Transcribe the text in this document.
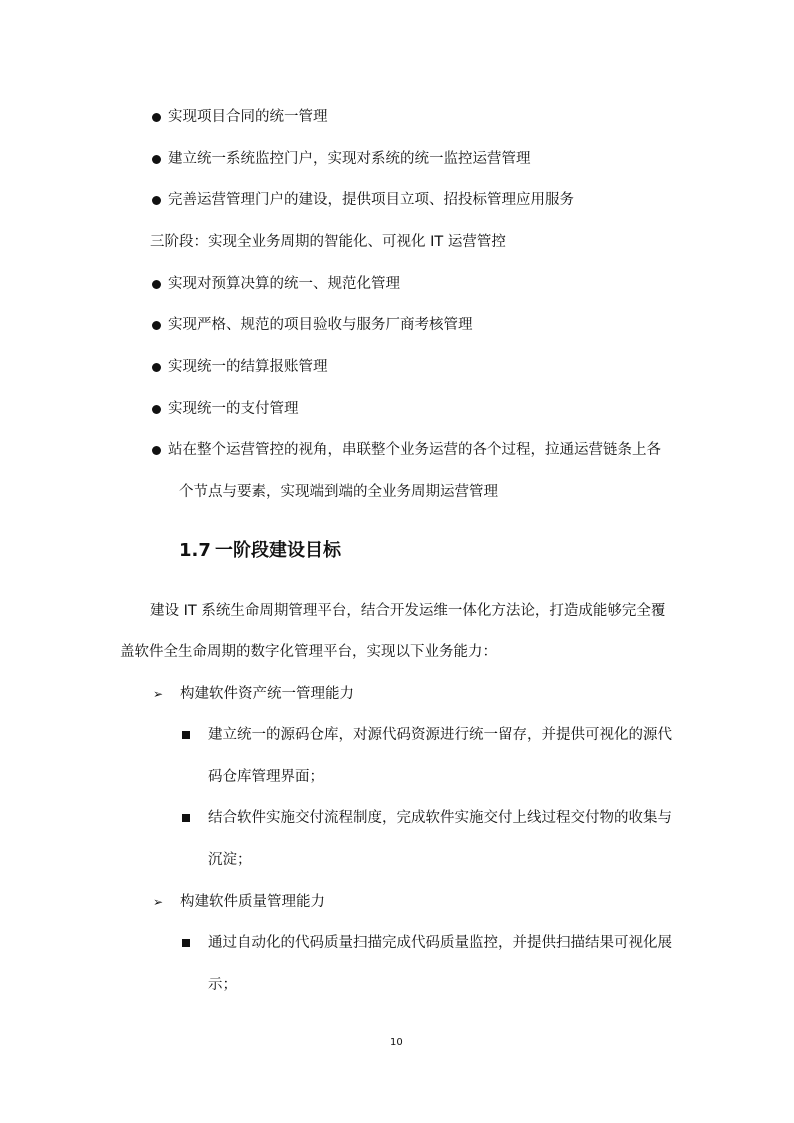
实现项目合同的统一管理
建立统一系统监控门户，实现对系统的统一监控运营管理
完善运营管理门户的建设，提供项目立项、招投标管理应用服务
三阶段：实现全业务周期的智能化、可视化 IT 运营管控
实现对预算决算的统一、规范化管理
实现严格、规范的项目验收与服务厂商考核管理
实现统一的结算报账管理
实现统一的支付管理
站在整个运营管控的视角，串联整个业务运营的各个过程，拉通运营链条上各
个节点与要素，实现端到端的全业务周期运营管理
1.7 一阶段建设目标
建设 IT 系统生命周期管理平台，结合开发运维一体化方法论，打造成能够完全覆
盖软件全生命周期的数字化管理平台，实现以下业务能力：
➢ 构建软件资产统一管理能力
建立统一的源码仓库，对源代码资源进行统一留存，并提供可视化的源代
码仓库管理界面；
结合软件实施交付流程制度，完成软件实施交付上线过程交付物的收集与
沉淀；
➢ 构建软件质量管理能力
通过自动化的代码质量扫描完成代码质量监控，并提供扫描结果可视化展
示；
10
